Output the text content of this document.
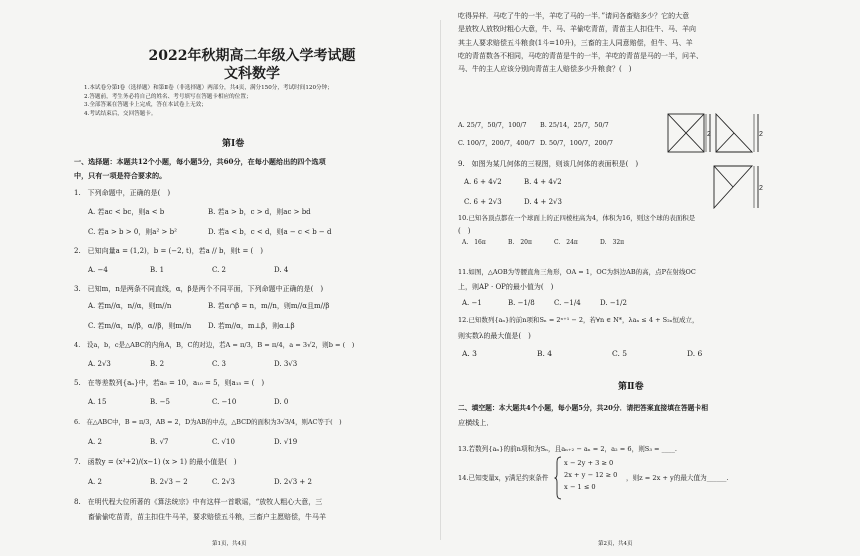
2022年秋期高二年级入学考试题
文科数学
1.本试卷分第Ⅰ卷（选择题）和第Ⅱ卷（非选择题）两部分，共4页，满分150分，考试时间120分钟；
2.答题前，考生务必将自己的姓名、考号填写在答题卡相应的位置；
3.全部答案在答题卡上完成，答在本试卷上无效；
4.考试结束后，交回答题卡。
第Ⅰ卷
一、选择题：本题共12个小题，每小题5分，共60分，在每小题给出的四个选项
中，只有一项是符合要求的。
1.　下列命题中，正确的是(　)
A. 若ac < bc，则a < b	B. 若a > b，c > d，则ac > bd
C. 若a > b > 0，则a² > b²	D. 若a < b，c < d，则a − c < b − d
2.　已知向量a = (1,2)，b = (−2, t)，若a // b，则t = (　)
A. −4	B. 1	C. 2	D. 4
3.　已知m，n是两条不同直线，α，β是两个不同平面，下列命题中正确的是(　)
A. 若m//α，n//α，则m//n	B. 若α∩β = n，m//n，则m//α且m//β
C. 若m//α，n//β，α//β，则m//n D. 若m//α，m⊥β，则α⊥β
4.　设a，b，c是△ABC的内角A，B，C的对边，若A = π/3，B = π/4，a = 3√2，则b = (　)
A. 2√3	B. 2	C. 3	D. 3√3
5.　在等差数列{aₙ}中，若a₅ = 10，a₁₀ = 5，则a₁₅ = (　)
A. 15	B. −5	C. −10	D. 0
6.　在△ABC中，B = π/3，AB = 2，D为AB的中点，△BCD的面积为3√3/4，则AC等于(　)
A. 2	B. √7	C. √10	D. √19
7.　函数y = (x²+2)/(x−1) (x > 1) 的最小值是(　)
A. 2	B. 2√3 − 2	C. 2√3	D. 2√3 + 2
8.　在明代程大位所著的《算法统宗》中有这样一首歌谣，“放牧人粗心大意，三
畜偷偷吃苗青，苗主扣住牛马羊，要求赔偿五斗粮，三畜户主愿赔偿，牛马羊
第1页，共4页
吃得异样．马吃了牛的一半，羊吃了马的一半．”请问各畜赔多少？它的大意
是放牧人放牧时粗心大意，牛、马、羊偷吃青苗，青苗主人扣住牛、马、羊向
其主人要求赔偿五斗粮食(1斗=10升)，三畜的主人同意赔偿，但牛、马、羊
吃的青苗数各不相同，马吃的青苗是牛的一半，羊吃的青苗是马的一半，问羊、
马、牛的主人应该分别向青苗主人赔偿多少升粮食？(　)
A. 25/7，50/7，100/7 B. 25/14，25/7，50/7
C. 100/7，200/7，400/7 D. 50/7，100/7，200/7
2	2
2
9.　如图为某几何体的三视图，则该几何体的表面积是(　)
A. 6 + 4√2	B. 4 + 4√2
C. 6 + 2√3	D. 4 + 2√3
10.已知各顶点都在一个球面上的正四棱柱高为4，体积为16，则这个球的表面积是
(　)
A.　16π	B.　20π	C.　24π	D.　32π
11.如图，△AOB为等腰直角三角形，OA = 1，OC为斜边AB的高，点P在射线OC
上，则AP · OP的最小值为(　)
A. −1	B. −1/8	C. −1/4	D. −1/2
12.已知数列{aₙ}的前n项和Sₙ = 2ⁿ⁺¹ − 2，若∀n ∈ N*，λaₙ ≤ 4 + S₂ₙ恒成立，
则实数λ的最大值是(　)
A. 3	B. 4	C. 5	D. 6
第Ⅱ卷
二、填空题：本大题共4个小题，每小题5分，共20分．请把答案直接填在答题卡相
应横线上．
13.若数列{aₙ}的前n项和为Sₙ，且aₙ₊₂ − aₙ = 2，a₂ = 6，则S₃ = ____.
14.已知变量x，y满足约束条件
x − 2y + 3 ≥ 0
2x + y − 12 ≥ 0
x − 1 ≤ 0
，则z = 2x + y的最大值为______.
第2页，共4页
